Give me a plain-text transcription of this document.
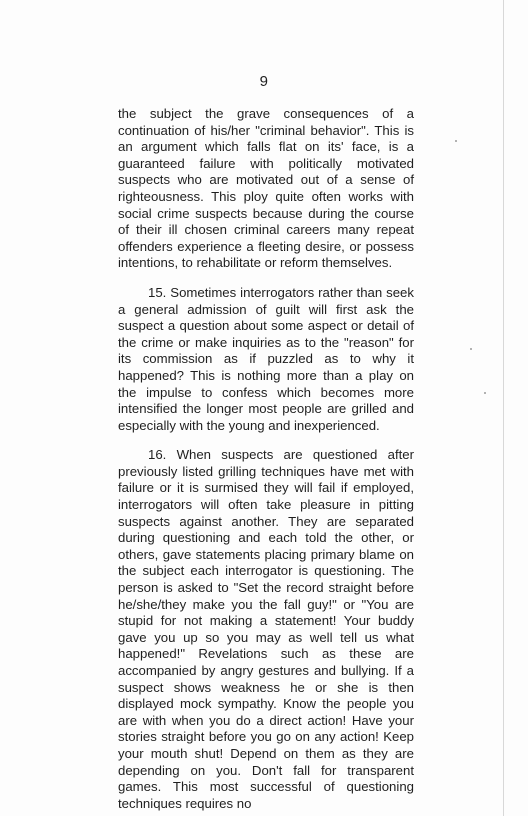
9

the subject the grave consequences of a continuation of his/her "criminal behavior". This is an argument which falls flat on its' face, is a guaranteed failure with politically motivated suspects who are motivated out of a sense of righteousness. This ploy quite often works with social crime suspects because during the course of their ill chosen criminal careers many repeat offenders experience a fleeting desire, or possess intentions, to rehabilitate or reform themselves.

15. Sometimes interrogators rather than seek a general admission of guilt will first ask the suspect a question about some aspect or detail of the crime or make inquiries as to the "reason" for its commission as if puzzled as to why it happened? This is nothing more than a play on the impulse to confess which becomes more intensified the longer most people are grilled and especially with the young and inexperienced.

16. When suspects are questioned after previously listed grilling techniques have met with failure or it is surmised they will fail if employed, interrogators will often take pleasure in pitting suspects against another. They are separated during questioning and each told the other, or others, gave statements placing primary blame on the subject each interrogator is questioning. The person is asked to "Set the record straight before he/she/they make you the fall guy!" or "You are stupid for not making a statement! Your buddy gave you up so you may as well tell us what happened!" Revelations such as these are accompanied by angry gestures and bullying. If a suspect shows weakness he or she is then displayed mock sympathy. Know the people you are with when you do a direct action! Have your stories straight before you go on any action! Keep your mouth shut! Depend on them as they are depending on you. Don't fall for transparent games. This most successful of questioning techniques requires no
